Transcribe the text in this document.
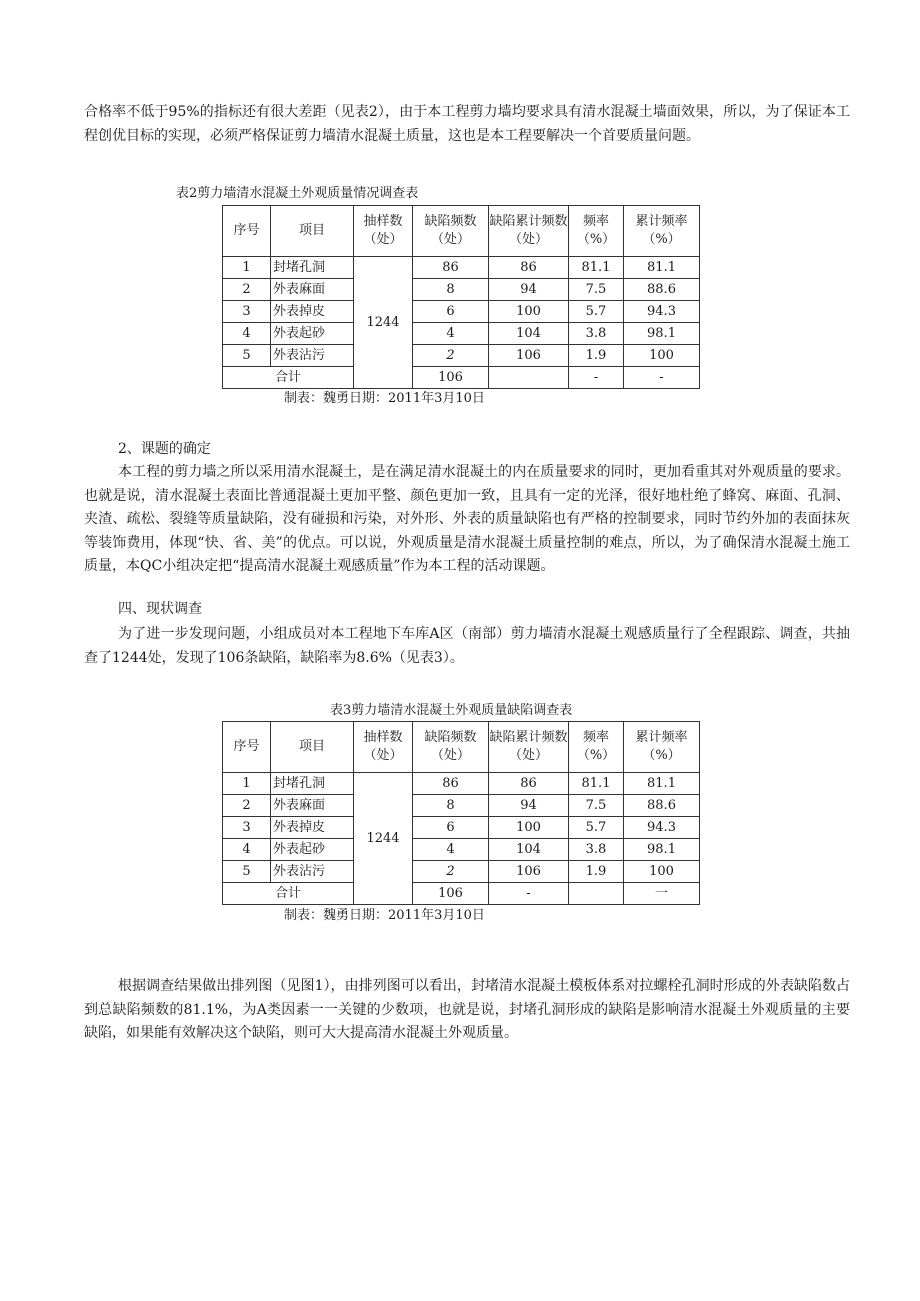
合格率不低于95%的指标还有很大差距（见表2），由于本工程剪力墙均要求具有清水混凝土墙面效果，所以，为了保证本工程创优目标的实现，必须严格保证剪力墙清水混凝土质量，这也是本工程要解决一个首要质量问题。

表2剪力墙清水混凝土外观质量情况调查表

序号	项目	抽样数（处）	缺陷频数（处）	缺陷累计频数（处）	频率（%）	累计频率（%）
1	封堵孔洞	1244	86	86	81.1	81.1
2	外表麻面		8	94	7.5	88.6
3	外表掉皮		6	100	5.7	94.3
4	外表起砂		4	104	3.8	98.1
5	外表沾污		2	106	1.9	100
合计			106		-	-

制表：魏勇日期：2011年3月10日

2、课题的确定

本工程的剪力墙之所以采用清水混凝土，是在满足清水混凝土的内在质量要求的同时，更加看重其对外观质量的要求。也就是说，清水混凝土表面比普通混凝土更加平整、颜色更加一致，且具有一定的光泽，很好地杜绝了蜂窝、麻面、孔洞、夹渣、疏松、裂缝等质量缺陷，没有碰损和污染，对外形、外表的质量缺陷也有严格的控制要求，同时节约外加的表面抹灰等装饰费用，体现“快、省、美”的优点。可以说，外观质量是清水混凝土质量控制的难点，所以，为了确保清水混凝土施工质量，本QC小组决定把“提高清水混凝土观感质量”作为本工程的活动课题。

四、现状调查

为了进一步发现问题，小组成员对本工程地下车库A区（南部）剪力墙清水混凝土观感质量行了全程跟踪、调查，共抽查了1244处，发现了106条缺陷，缺陷率为8.6%（见表3）。

表3剪力墙清水混凝土外观质量缺陷调查表

序号	项目	抽样数（处）	缺陷频数（处）	缺陷累计频数（处）	频率（%）	累计频率（%）
1	封堵孔洞	1244	86	86	81.1	81.1
2	外表麻面		8	94	7.5	88.6
3	外表掉皮		6	100	5.7	94.3
4	外表起砂		4	104	3.8	98.1
5	外表沾污		2	106	1.9	100
合计			106	-		一

制表：魏勇日期：2011年3月10日

根据调查结果做出排列图（见图1），由排列图可以看出，封堵清水混凝土模板体系对拉螺栓孔洞时形成的外表缺陷数占到总缺陷频数的81.1%，为A类因素一一关键的少数项，也就是说，封堵孔洞形成的缺陷是影响清水混凝土外观质量的主要缺陷，如果能有效解决这个缺陷，则可大大提高清水混凝土外观质量。
